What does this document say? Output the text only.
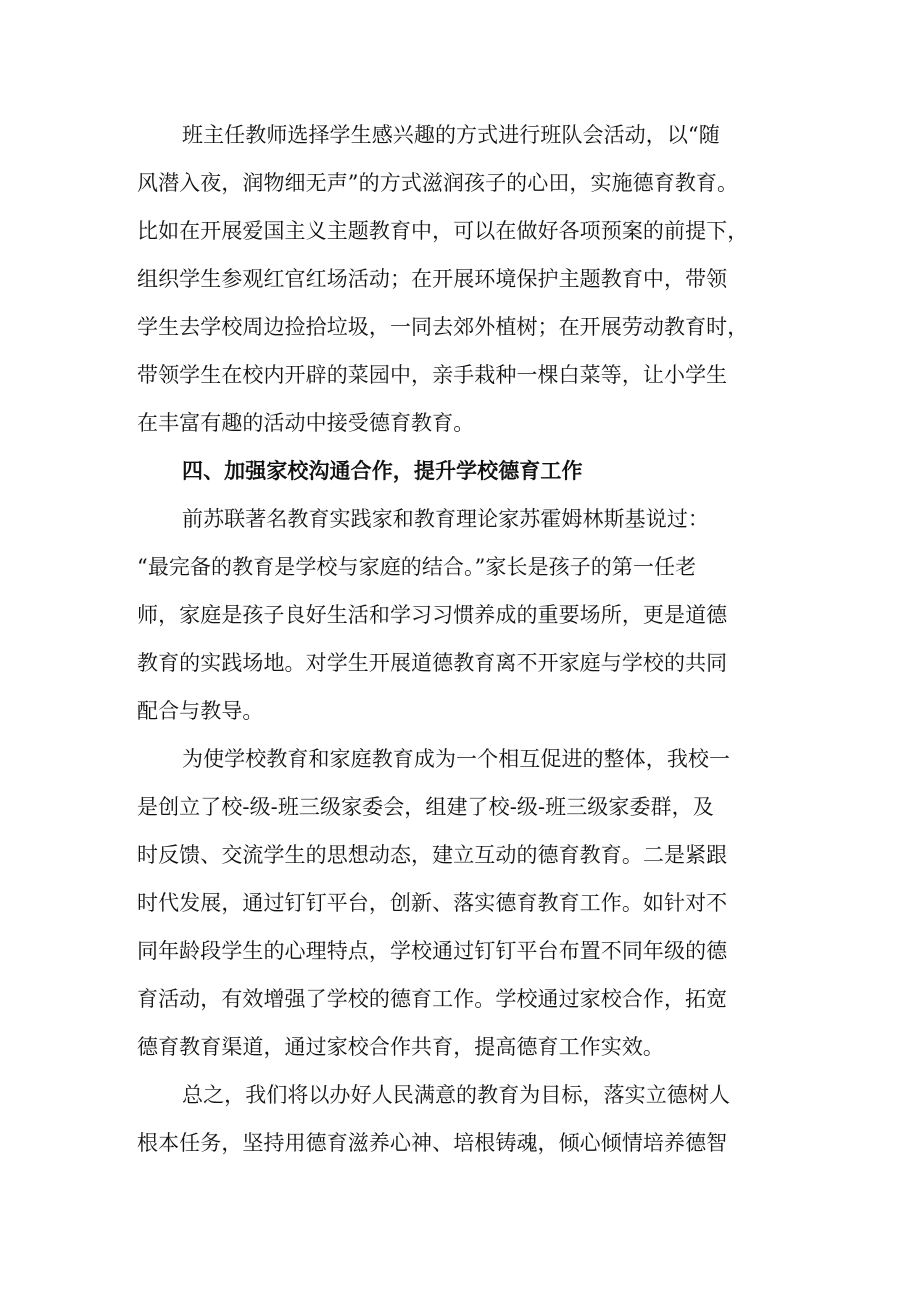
班主任教师选择学生感兴趣的方式进行班队会活动，以“随
风潜入夜，润物细无声”的方式滋润孩子的心田，实施德育教育。
比如在开展爱国主义主题教育中，可以在做好各项预案的前提下，
组织学生参观红官红场活动；在开展环境保护主题教育中，带领
学生去学校周边捡拾垃圾，一同去郊外植树；在开展劳动教育时，
带领学生在校内开辟的菜园中，亲手栽种一棵白菜等，让小学生
在丰富有趣的活动中接受德育教育。
四、加强家校沟通合作，提升学校德育工作
前苏联著名教育实践家和教育理论家苏霍姆林斯基说过：
“最完备的教育是学校与家庭的结合。”家长是孩子的第一任老
师，家庭是孩子良好生活和学习习惯养成的重要场所，更是道德
教育的实践场地。对学生开展道德教育离不开家庭与学校的共同
配合与教导。
为使学校教育和家庭教育成为一个相互促进的整体，我校一
是创立了校-级-班三级家委会，组建了校-级-班三级家委群，及
时反馈、交流学生的思想动态，建立互动的德育教育。二是紧跟
时代发展，通过钉钉平台，创新、落实德育教育工作。如针对不
同年龄段学生的心理特点，学校通过钉钉平台布置不同年级的德
育活动，有效增强了学校的德育工作。学校通过家校合作，拓宽
德育教育渠道，通过家校合作共育，提高德育工作实效。
总之，我们将以办好人民满意的教育为目标，落实立德树人
根本任务，坚持用德育滋养心神、培根铸魂，倾心倾情培养德智
